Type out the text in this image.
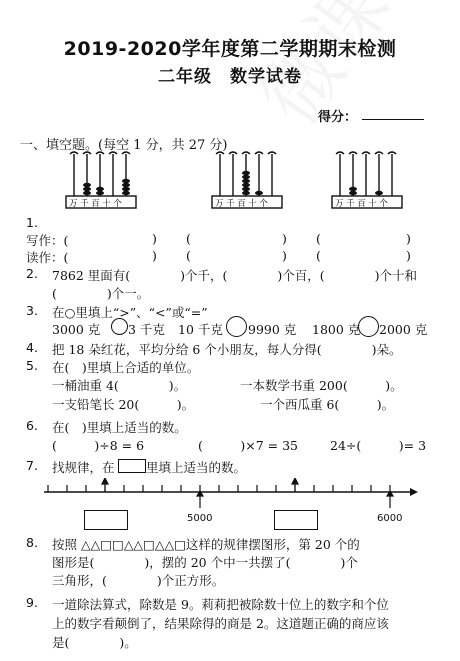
2019-2020学年度第二学期期末检测
二年级　数学试卷
得分：
一、填空题。(每空 1 分，共 27 分)
万千百十个	万千百十个	万千百十个
1.
写作：(	) (	) (	)
读作：(	) (	) (	)
2. 7862 里面有(　　　　)个千，(　　　　)个百，(　　　　)个十和
(　　　　)个一。
3. 在○里填上“>”、“<”或“=”
3000 克 3 千克 10 千克 9990 克 1800 克 2000 克
4. 把 18 朵红花，平均分给 6 个小朋友，每人分得(　　　　)朵。
5. 在(　)里填上合适的单位。
一桶油重 4(　　　　)。	一本数学书重 200(　　　)。
一支铅笔长 20(　　　)。	一个西瓜重 6(　　　)。
6. 在(　)里填上适当的数。
(　　　)÷8 = 6	(　　　)×7 = 35	24÷(　　　)= 3
7. 找规律，在	里填上适当的数。
5000	6000
8. 按照 △△□□△△□△△□这样的规律摆图形，第 20 个的
图形是(　　　　)，摆的 20 个中一共摆了(　　　　)个
三角形，(　　　　)个正方形。
9. 一道除法算式，除数是 9。莉莉把被除数十位上的数字和个位
上的数字看颠倒了，结果除得的商是 2。这道题正确的商应该
是(　　　　)。
